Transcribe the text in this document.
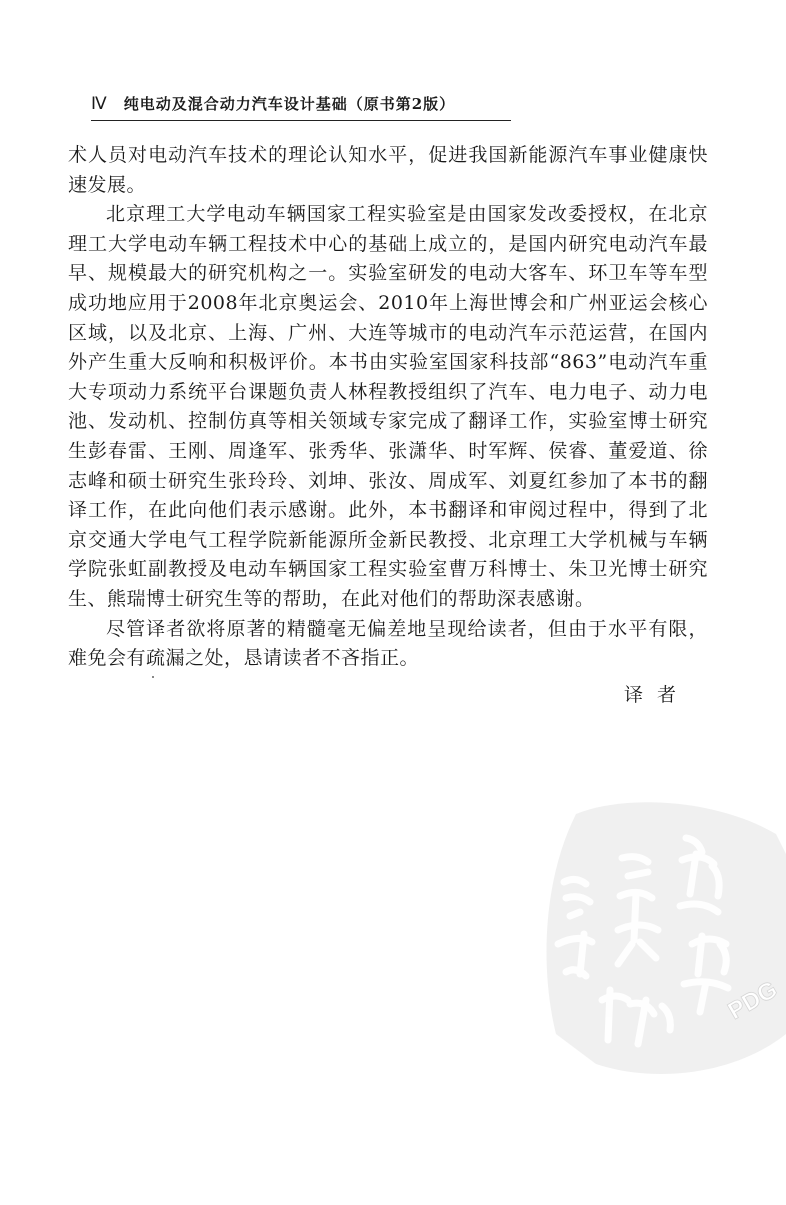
Ⅳ 纯电动及混合动力汽车设计基础（原书第2版）

术人员对电动汽车技术的理论认知水平，促进我国新能源汽车事业健康快速发展。

北京理工大学电动车辆国家工程实验室是由国家发改委授权，在北京理工大学电动车辆工程技术中心的基础上成立的，是国内研究电动汽车最早、规模最大的研究机构之一。实验室研发的电动大客车、环卫车等车型成功地应用于2008年北京奥运会、2010年上海世博会和广州亚运会核心区域，以及北京、上海、广州、大连等城市的电动汽车示范运营，在国内外产生重大反响和积极评价。本书由实验室国家科技部“863”电动汽车重大专项动力系统平台课题负责人林程教授组织了汽车、电力电子、动力电池、发动机、控制仿真等相关领域专家完成了翻译工作，实验室博士研究生彭春雷、王刚、周逢军、张秀华、张潇华、时军辉、侯睿、董爱道、徐志峰和硕士研究生张玲玲、刘坤、张汝、周成军、刘夏红参加了本书的翻译工作，在此向他们表示感谢。此外，本书翻译和审阅过程中，得到了北京交通大学电气工程学院新能源所金新民教授、北京理工大学机械与车辆学院张虹副教授及电动车辆国家工程实验室曹万科博士、朱卫光博士研究生、熊瑞博士研究生等的帮助，在此对他们的帮助深表感谢。

尽管译者欲将原著的精髓毫无偏差地呈现给读者，但由于水平有限，难免会有疏漏之处，恳请读者不吝指正。

译者
PDG
